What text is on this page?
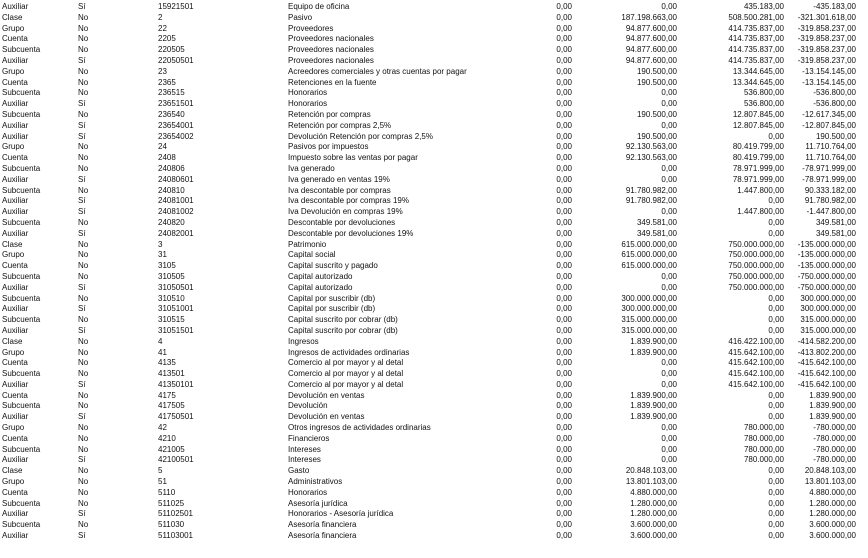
Auxiliar	Sí	15921501	Equipo de oficina	0,00	0,00	435.183,00	-435.183,00
Clase	No	2	Pasivo	0,00	187.198.663,00	508.500.281,00	-321.301.618,00
Grupo	No	22	Proveedores	0,00	94.877.600,00	414.735.837,00	-319.858.237,00
Cuenta	No	2205	Proveedores nacionales	0,00	94.877.600,00	414.735.837,00	-319.858.237,00
Subcuenta	No	220505	Proveedores nacionales	0,00	94.877.600,00	414.735.837,00	-319.858.237,00
Auxiliar	Sí	22050501	Proveedores nacionales	0,00	94.877.600,00	414.735.837,00	-319.858.237,00
Grupo	No	23	Acreedores comerciales y otras cuentas por pagar	0,00	190.500,00	13.344.645,00	-13.154.145,00
Cuenta	No	2365	Retenciones en la fuente	0,00	190.500,00	13.344.645,00	-13.154.145,00
Subcuenta	No	236515	Honorarios	0,00	0,00	536.800,00	-536.800,00
Auxiliar	Sí	23651501	Honorarios	0,00	0,00	536.800,00	-536.800,00
Subcuenta	No	236540	Retención por compras	0,00	190.500,00	12.807.845,00	-12.617.345,00
Auxiliar	Sí	23654001	Retención por compras 2,5%	0,00	0,00	12.807.845,00	-12.807.845,00
Auxiliar	Sí	23654002	Devolución Retención por compras 2,5%	0,00	190.500,00	0,00	190.500,00
Grupo	No	24	Pasivos por impuestos	0,00	92.130.563,00	80.419.799,00	11.710.764,00
Cuenta	No	2408	Impuesto sobre las ventas por pagar	0,00	92.130.563,00	80.419.799,00	11.710.764,00
Subcuenta	No	240806	Iva generado	0,00	0,00	78.971.999,00	-78.971.999,00
Auxiliar	Sí	24080601	Iva generado en ventas 19%	0,00	0,00	78.971.999,00	-78.971.999,00
Subcuenta	No	240810	Iva descontable por compras	0,00	91.780.982,00	1.447.800,00	90.333.182,00
Auxiliar	Sí	24081001	Iva descontable por compras 19%	0,00	91.780.982,00	0,00	91.780.982,00
Auxiliar	Sí	24081002	Iva Devolución en compras 19%	0,00	0,00	1.447.800,00	-1.447.800,00
Subcuenta	No	240820	Descontable por devoluciones	0,00	349.581,00	0,00	349.581,00
Auxiliar	Sí	24082001	Descontable por devoluciones 19%	0,00	349.581,00	0,00	349.581,00
Clase	No	3	Patrimonio	0,00	615.000.000,00	750.000.000,00	-135.000.000,00
Grupo	No	31	Capital social	0,00	615.000.000,00	750.000.000,00	-135.000.000,00
Cuenta	No	3105	Capital suscrito y pagado	0,00	615.000.000,00	750.000.000,00	-135.000.000,00
Subcuenta	No	310505	Capital autorizado	0,00	0,00	750.000.000,00	-750.000.000,00
Auxiliar	Sí	31050501	Capital autorizado	0,00	0,00	750.000.000,00	-750.000.000,00
Subcuenta	No	310510	Capital por suscribir (db)	0,00	300.000.000,00	0,00	300.000.000,00
Auxiliar	Sí	31051001	Capital por suscribir (db)	0,00	300.000.000,00	0,00	300.000.000,00
Subcuenta	No	310515	Capital suscrito por cobrar (db)	0,00	315.000.000,00	0,00	315.000.000,00
Auxiliar	Sí	31051501	Capital suscrito por cobrar (db)	0,00	315.000.000,00	0,00	315.000.000,00
Clase	No	4	Ingresos	0,00	1.839.900,00	416.422.100,00	-414.582.200,00
Grupo	No	41	Ingresos de actividades ordinarias	0,00	1.839.900,00	415.642.100,00	-413.802.200,00
Cuenta	No	4135	Comercio al por mayor y al detal	0,00	0,00	415.642.100,00	-415.642.100,00
Subcuenta	No	413501	Comercio al por mayor y al detal	0,00	0,00	415.642.100,00	-415.642.100,00
Auxiliar	Sí	41350101	Comercio al por mayor y al detal	0,00	0,00	415.642.100,00	-415.642.100,00
Cuenta	No	4175	Devolución en ventas	0,00	1.839.900,00	0,00	1.839.900,00
Subcuenta	No	417505	Devolución	0,00	1.839.900,00	0,00	1.839.900,00
Auxiliar	Sí	41750501	Devolución en ventas	0,00	1.839.900,00	0,00	1.839.900,00
Grupo	No	42	Otros ingresos de actividades ordinarias	0,00	0,00	780.000,00	-780.000,00
Cuenta	No	4210	Financieros	0,00	0,00	780.000,00	-780.000,00
Subcuenta	No	421005	Intereses	0,00	0,00	780.000,00	-780.000,00
Auxiliar	Sí	42100501	Intereses	0,00	0,00	780.000,00	-780.000,00
Clase	No	5	Gasto	0,00	20.848.103,00	0,00	20.848.103,00
Grupo	No	51	Administrativos	0,00	13.801.103,00	0,00	13.801.103,00
Cuenta	No	5110	Honorarios	0,00	4.880.000,00	0,00	4.880.000,00
Subcuenta	No	511025	Asesoría jurídica	0,00	1.280.000,00	0,00	1.280.000,00
Auxiliar	Sí	51102501	Honorarios - Asesoría jurídica	0,00	1.280.000,00	0,00	1.280.000,00
Subcuenta	No	511030	Asesoría financiera	0,00	3.600.000,00	0,00	3.600.000,00
Auxiliar	Sí	51103001	Asesoría financiera	0,00	3.600.000,00	0,00	3.600.000,00
